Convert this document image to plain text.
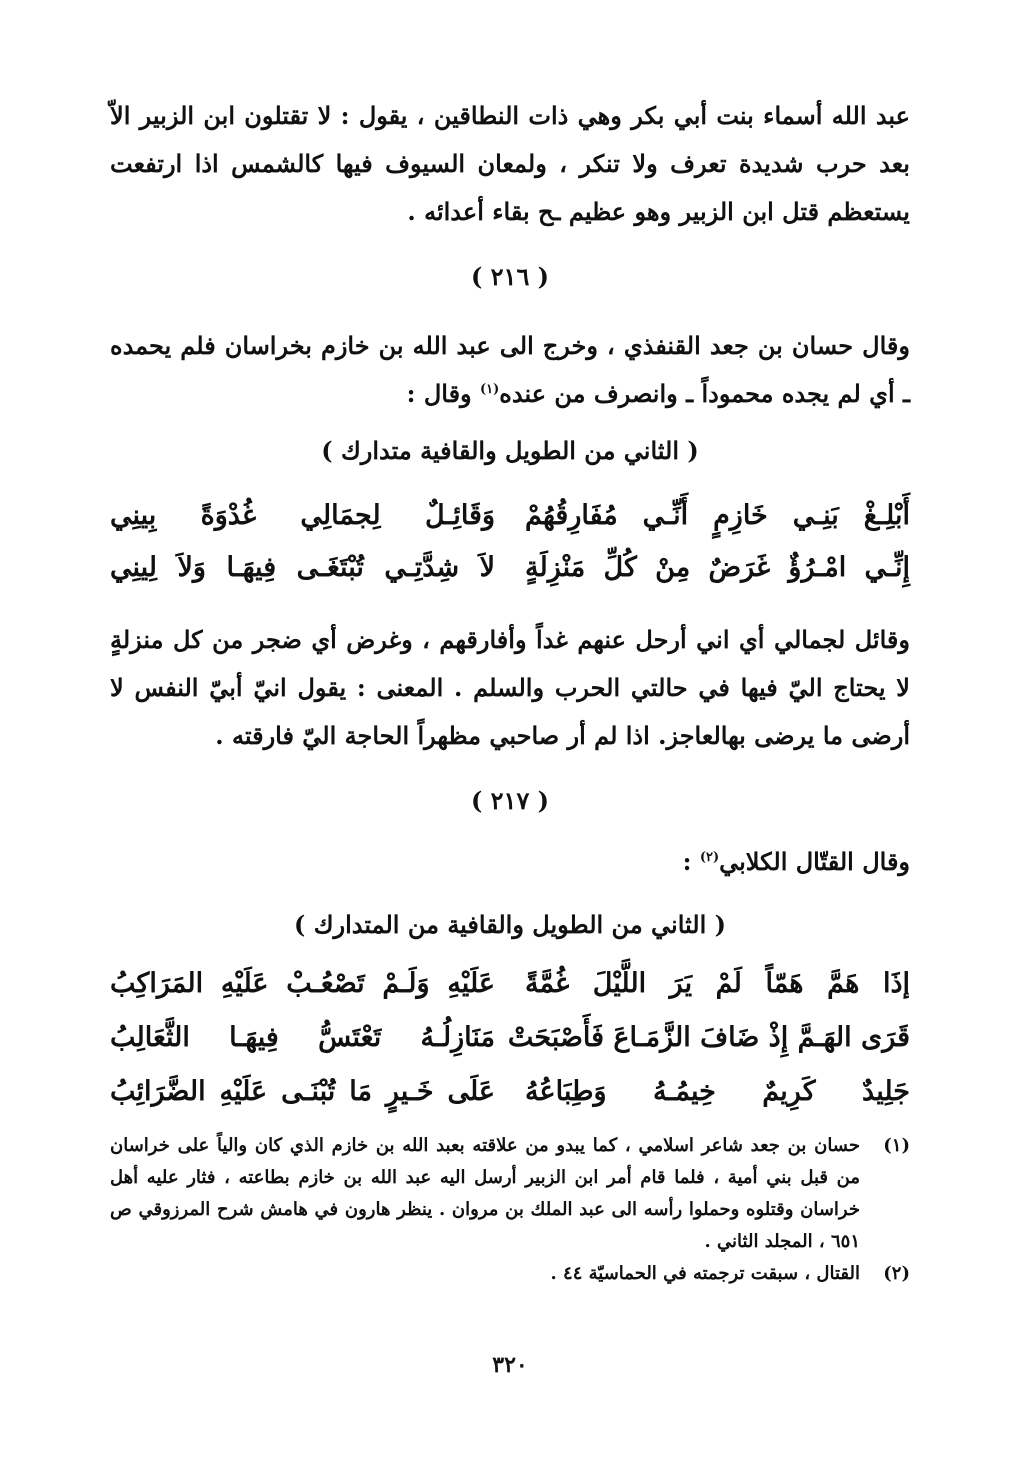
عبد الله أسماء بنت أبي بكر وهي ذات النطاقين ، يقول : لا تقتلون ابن الزبير الاّ بعد حرب شديدة تعرف ولا تنكر ، ولمعان السيوف فيها كالشمس اذا ارتفعت يستعظم قتل ابن الزبير وهو عظيم ـح بقاء أعدائه .

( ٢١٦ )

وقال حسان بن جعد القنفذي ، وخرج الى عبد الله بن خازم بخراسان فلم يحمده ـ أي لم يجده محموداً ـ وانصرف من عنده$^{(١)}$ وقال :

( الثاني من الطويل والقافية متدارك )
أَبْلِـغْ بَنِـي خَازِمٍ أَنِّـي مُفَارِقُهُمْ
وَقَائِـلٌ لِجمَالِي غُدْوَةً بِينِي
إِنِّـي امْـرُؤٌ غَرَضٌ مِنْ كُلِّ مَنْزِلَةٍ
لاَ شِدَّتِـي تُبْتَغَـى فِيهَـا وَلاَ لِينِي

وقائل لجمالي أي اني أرحل عنهم غداً وأفارقهم ، وغرض أي ضجر من كل منزلةٍ لا يحتاج اليّ فيها في حالتي الحرب والسلم . المعنى : يقول انيّ أبيّ النفس لا أرضى ما يرضى بهالعاجز. اذا لم أر صاحبي مظهراً الحاجة اليّ فارقته .

( ٢١٧ )

وقال القتّال الكلابي$^{(٢)}$ :

( الثاني من الطويل والقافية من المتدارك )
إذَا هَمَّ هَمّاً لَمْ يَرَ اللَّيْلَ غُمَّةً
عَلَيْهِ وَلَـمْ تَصْعُـبْ عَلَيْهِ المَرَاكِبُ
قَرَى الهَـمَّ إِذْ ضَافَ الزَّمَـاعَ فَأَصْبَحَتْ
مَنَازِلُـهُ تَعْتَسُّ فِيهَـا الثَّعَالِبُ
جَلِيدٌ كَرِيمٌ خِيمُـهُ وَطِبَاعُهُ
عَلَى خَـيرٍ مَا تُبْنَـى عَلَيْهِ الضَّرَائِبُ
(١)
حسان بن جعد شاعر اسلامي ، كما يبدو من علاقته بعبد الله بن خازم الذي كان والياً على خراسان من قبل بني أمية ، فلما قام أمر ابن الزبير أرسل اليه عبد الله بن خازم بطاعته ، فثار عليه أهل خراسان وقتلوه وحملوا رأسه الى عبد الملك بن مروان . ينظر هارون في هامش شرح المرزوقي ص ٦٥١ ، المجلد الثاني .
(٢)
القتال ، سبقت ترجمته في الحماسيّة ٤٤ .
٣٢٠
